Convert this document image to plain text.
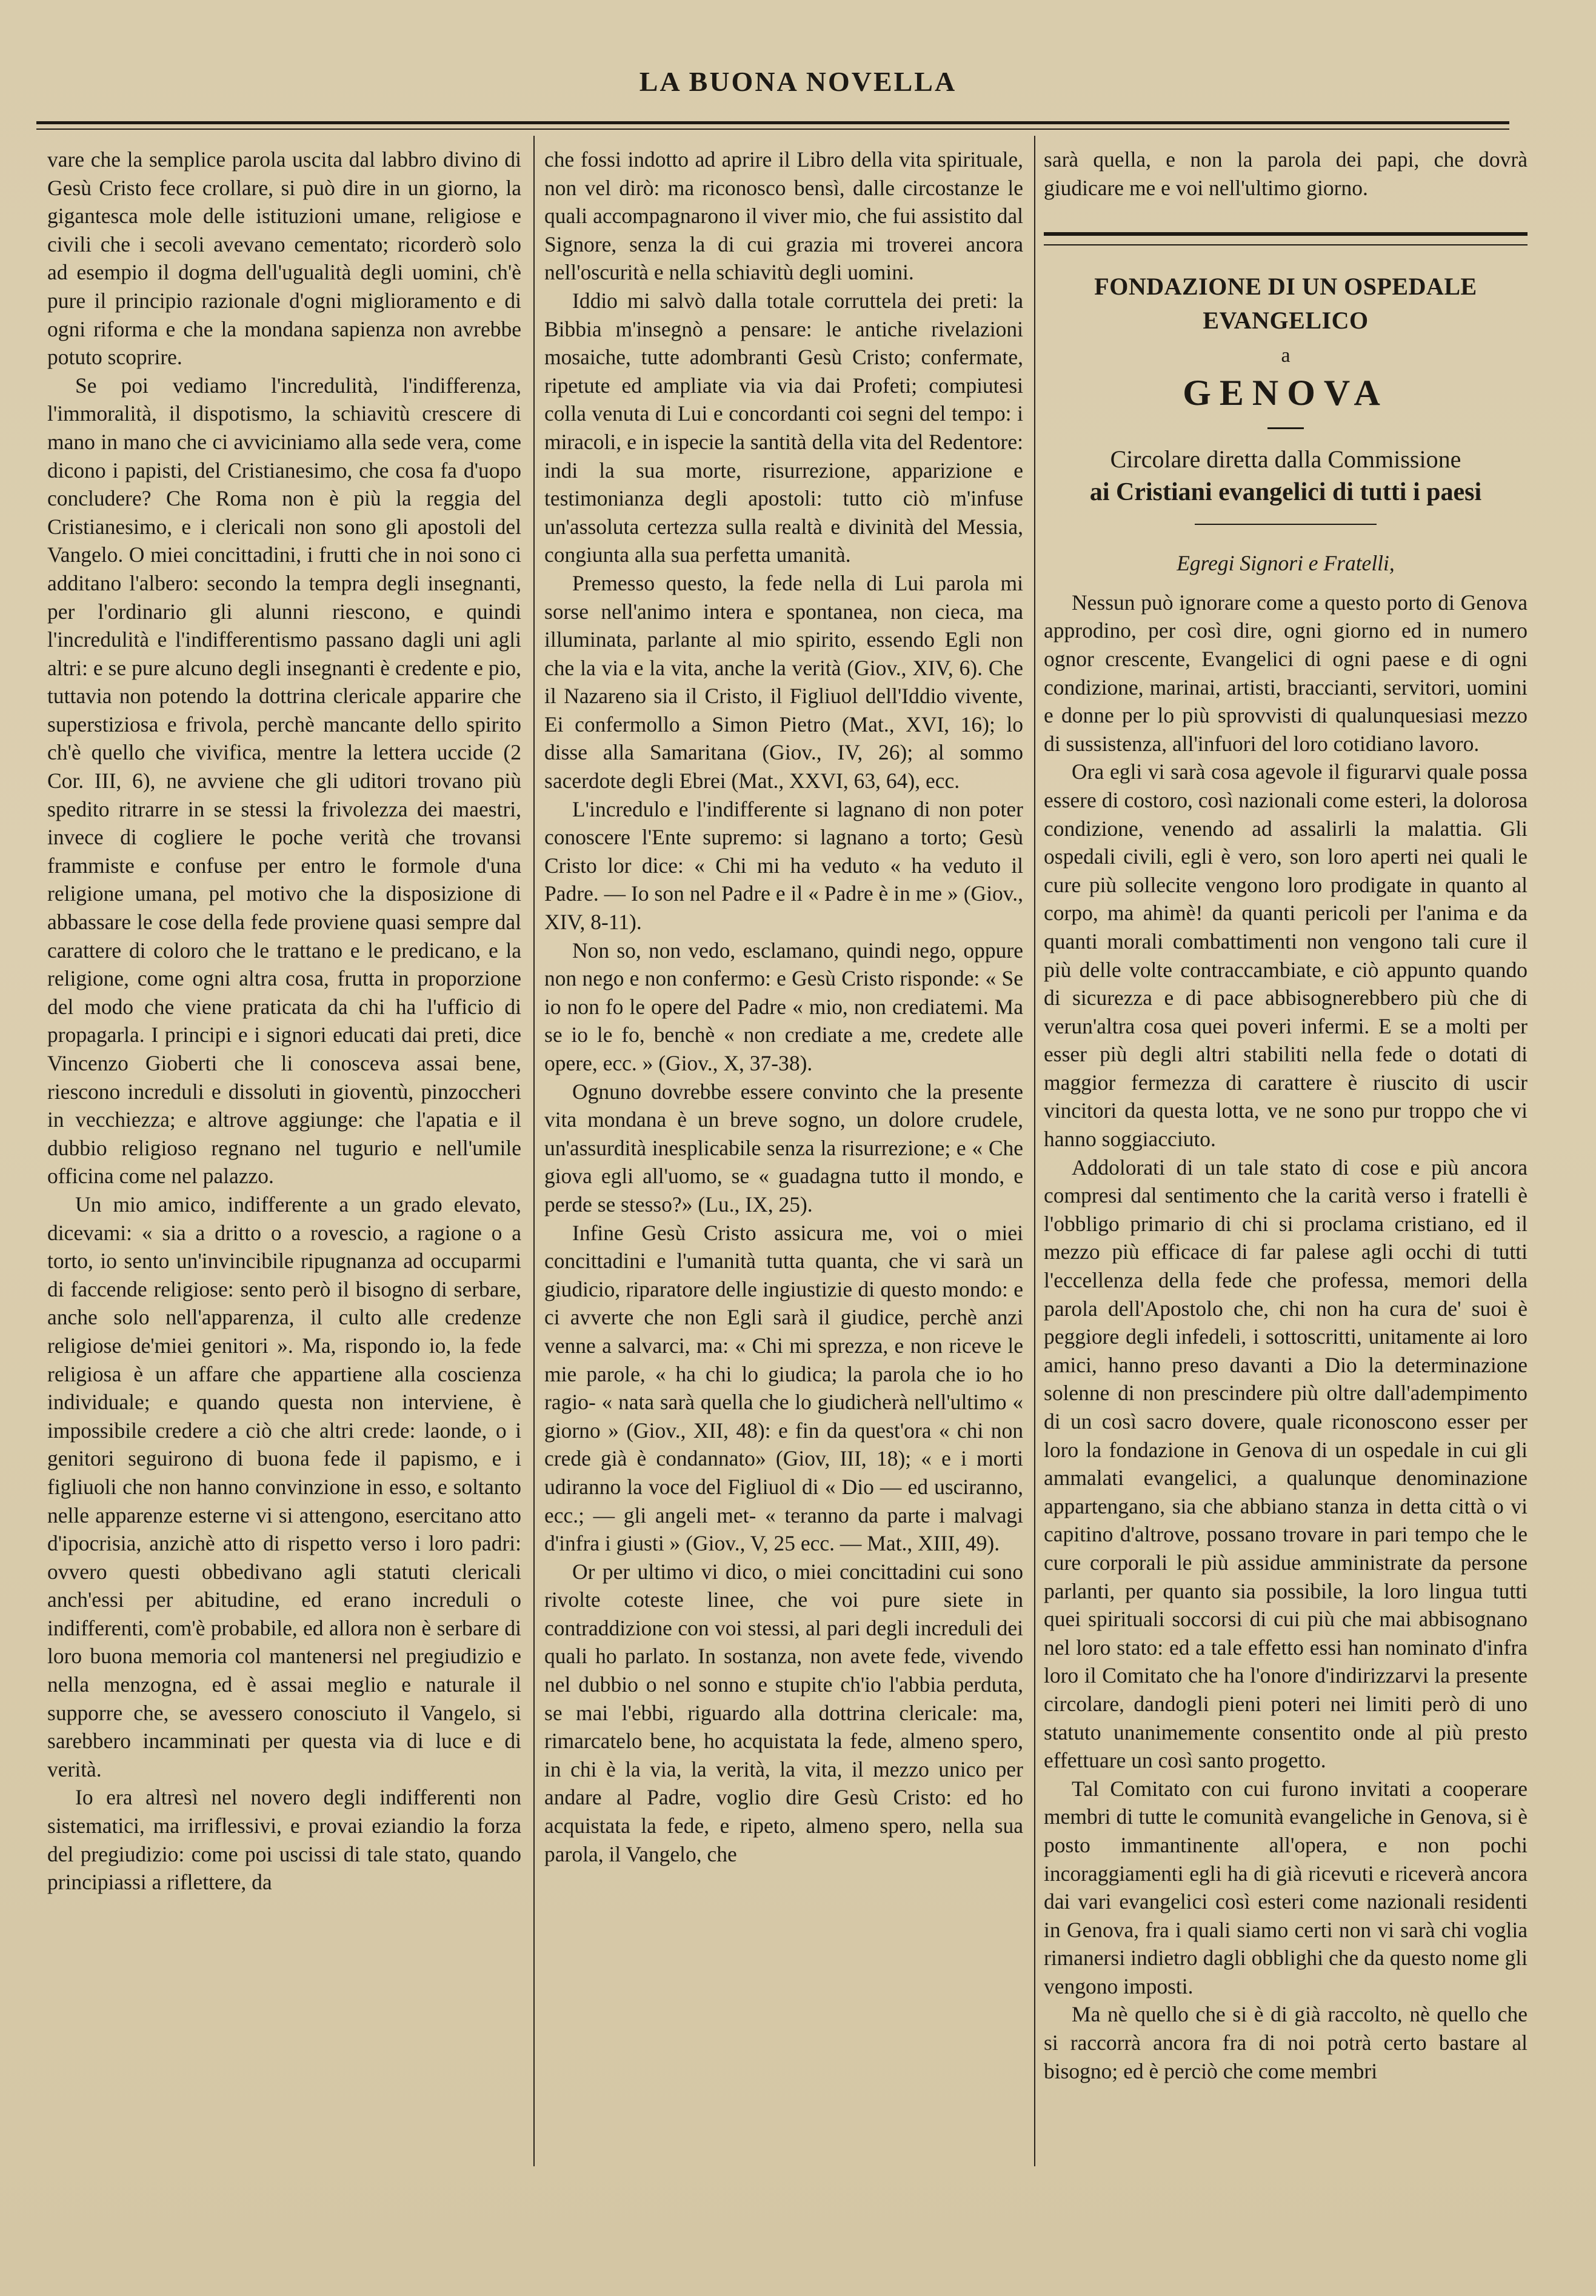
LA BUONA NOVELLA

vare che la semplice parola uscita dal labbro divino di Gesù Cristo fece crollare, si può dire in un giorno, la gigantesca mole delle istituzioni umane, religiose e civili che i secoli avevano cementato; ricorderò solo ad esempio il dogma dell'ugualità degli uomini, ch'è pure il principio razionale d'ogni miglioramento e di ogni riforma e che la mondana sapienza non avrebbe potuto scoprire.

Se poi vediamo l'incredulità, l'indifferenza, l'immoralità, il dispotismo, la schiavitù crescere di mano in mano che ci avviciniamo alla sede vera, come dicono i papisti, del Cristianesimo, che cosa fa d'uopo concludere? Che Roma non è più la reggia del Cristianesimo, e i clericali non sono gli apostoli del Vangelo. O miei concittadini, i frutti che in noi sono ci additano l'albero: secondo la tempra degli insegnanti, per l'ordinario gli alunni riescono, e quindi l'incredulità e l'indifferentismo passano dagli uni agli altri: e se pure alcuno degli insegnanti è credente e pio, tuttavia non potendo la dottrina clericale apparire che superstiziosa e frivola, perchè mancante dello spirito ch'è quello che vivifica, mentre la lettera uccide (2 Cor. III, 6), ne avviene che gli uditori trovano più spedito ritrarre in se stessi la frivolezza dei maestri, invece di cogliere le poche verità che trovansi frammiste e confuse per entro le formole d'una religione umana, pel motivo che la disposizione di abbassare le cose della fede proviene quasi sempre dal carattere di coloro che le trattano e le predicano, e la religione, come ogni altra cosa, frutta in proporzione del modo che viene praticata da chi ha l'ufficio di propagarla. I principi e i signori educati dai preti, dice Vincenzo Gioberti che li conosceva assai bene, riescono increduli e dissoluti in gioventù, pinzoccheri in vecchiezza; e altrove aggiunge: che l'apatia e il dubbio religioso regnano nel tugurio e nell'umile officina come nel palazzo.

Un mio amico, indifferente a un grado elevato, dicevami: « sia a dritto o a rovescio, a ragione o a torto, io sento un'invincibile ripugnanza ad occuparmi di faccende religiose: sento però il bisogno di serbare, anche solo nell'apparenza, il culto alle credenze religiose de'miei genitori ». Ma, rispondo io, la fede religiosa è un affare che appartiene alla coscienza individuale; e quando questa non interviene, è impossibile credere a ciò che altri crede: laonde, o i genitori seguirono di buona fede il papismo, e i figliuoli che non hanno convinzione in esso, e soltanto nelle apparenze esterne vi si attengono, esercitano atto d'ipocrisia, anzichè atto di rispetto verso i loro padri: ovvero questi obbedivano agli statuti clericali anch'essi per abitudine, ed erano increduli o indifferenti, com'è probabile, ed allora non è serbare di loro buona memoria col mantenersi nel pregiudizio e nella menzogna, ed è assai meglio e naturale il supporre che, se avessero conosciuto il Vangelo, si sarebbero incamminati per questa via di luce e di verità.

Io era altresì nel novero degli indifferenti non sistematici, ma irriflessivi, e provai eziandio la forza del pregiudizio: come poi uscissi di tale stato, quando principiassi a riflettere, da

che fossi indotto ad aprire il Libro della vita spirituale, non vel dirò: ma riconosco bensì, dalle circostanze le quali accompagnarono il viver mio, che fui assistito dal Signore, senza la di cui grazia mi troverei ancora nell'oscurità e nella schiavitù degli uomini.

Iddio mi salvò dalla totale corruttela dei preti: la Bibbia m'insegnò a pensare: le antiche rivelazioni mosaiche, tutte adombranti Gesù Cristo; confermate, ripetute ed ampliate via via dai Profeti; compiutesi colla venuta di Lui e concordanti coi segni del tempo: i miracoli, e in ispecie la santità della vita del Redentore: indi la sua morte, risurrezione, apparizione e testimonianza degli apostoli: tutto ciò m'infuse un'assoluta certezza sulla realtà e divinità del Messia, congiunta alla sua perfetta umanità.

Premesso questo, la fede nella di Lui parola mi sorse nell'animo intera e spontanea, non cieca, ma illuminata, parlante al mio spirito, essendo Egli non che la via e la vita, anche la verità (Giov., XIV, 6). Che il Nazareno sia il Cristo, il Figliuol dell'Iddio vivente, Ei confermollo a Simon Pietro (Mat., XVI, 16); lo disse alla Samaritana (Giov., IV, 26); al sommo sacerdote degli Ebrei (Mat., XXVI, 63, 64), ecc.

L'incredulo e l'indifferente si lagnano di non poter conoscere l'Ente supremo: si lagnano a torto; Gesù Cristo lor dice: « Chi mi ha veduto « ha veduto il Padre. — Io son nel Padre e il « Padre è in me » (Giov., XIV, 8-11).

Non so, non vedo, esclamano, quindi nego, oppure non nego e non confermo: e Gesù Cristo risponde: « Se io non fo le opere del Padre « mio, non crediatemi. Ma se io le fo, benchè « non crediate a me, credete alle opere, ecc. » (Giov., X, 37-38).

Ognuno dovrebbe essere convinto che la presente vita mondana è un breve sogno, un dolore crudele, un'assurdità inesplicabile senza la risurrezione; e « Che giova egli all'uomo, se « guadagna tutto il mondo, e perde se stesso?» (Lu., IX, 25).

Infine Gesù Cristo assicura me, voi o miei concittadini e l'umanità tutta quanta, che vi sarà un giudicio, riparatore delle ingiustizie di questo mondo: e ci avverte che non Egli sarà il giudice, perchè anzi venne a salvarci, ma: « Chi mi sprezza, e non riceve le mie parole, « ha chi lo giudica; la parola che io ho ragio- « nata sarà quella che lo giudicherà nell'ultimo « giorno » (Giov., XII, 48): e fin da quest'ora « chi non crede già è condannato» (Giov, III, 18); « e i morti udiranno la voce del Figliuol di « Dio — ed usciranno, ecc.; — gli angeli met- « teranno da parte i malvagi d'infra i giusti » (Giov., V, 25 ecc. — Mat., XIII, 49).

Or per ultimo vi dico, o miei concittadini cui sono rivolte coteste linee, che voi pure siete in contraddizione con voi stessi, al pari degli increduli dei quali ho parlato. In sostanza, non avete fede, vivendo nel dubbio o nel sonno e stupite ch'io l'abbia perduta, se mai l'ebbi, riguardo alla dottrina clericale: ma, rimarcatelo bene, ho acquistata la fede, almeno spero, in chi è la via, la verità, la vita, il mezzo unico per andare al Padre, voglio dire Gesù Cristo: ed ho acquistata la fede, e ripeto, almeno spero, nella sua parola, il Vangelo, che

sarà quella, e non la parola dei papi, che dovrà giudicare me e voi nell'ultimo giorno.

FONDAZIONE DI UN OSPEDALE EVANGELICO
a
GENOVA
Circolare diretta dalla Commissione
ai Cristiani evangelici di tutti i paesi
Egregi Signori e Fratelli,

Nessun può ignorare come a questo porto di Genova approdino, per così dire, ogni giorno ed in numero ognor crescente, Evangelici di ogni paese e di ogni condizione, marinai, artisti, braccianti, servitori, uomini e donne per lo più sprovvisti di qualunquesiasi mezzo di sussistenza, all'infuori del loro cotidiano lavoro.

Ora egli vi sarà cosa agevole il figurarvi quale possa essere di costoro, così nazionali come esteri, la dolorosa condizione, venendo ad assalirli la malattia. Gli ospedali civili, egli è vero, son loro aperti nei quali le cure più sollecite vengono loro prodigate in quanto al corpo, ma ahimè! da quanti pericoli per l'anima e da quanti morali combattimenti non vengono tali cure il più delle volte contraccambiate, e ciò appunto quando di sicurezza e di pace abbisognerebbero più che di verun'altra cosa quei poveri infermi. E se a molti per esser più degli altri stabiliti nella fede o dotati di maggior fermezza di carattere è riuscito di uscir vincitori da questa lotta, ve ne sono pur troppo che vi hanno soggiacciuto.

Addolorati di un tale stato di cose e più ancora compresi dal sentimento che la carità verso i fratelli è l'obbligo primario di chi si proclama cristiano, ed il mezzo più efficace di far palese agli occhi di tutti l'eccellenza della fede che professa, memori della parola dell'Apostolo che, chi non ha cura de' suoi è peggiore degli infedeli, i sottoscritti, unitamente ai loro amici, hanno preso davanti a Dio la determinazione solenne di non prescindere più oltre dall'adempimento di un così sacro dovere, quale riconoscono esser per loro la fondazione in Genova di un ospedale in cui gli ammalati evangelici, a qualunque denominazione appartengano, sia che abbiano stanza in detta città o vi capitino d'altrove, possano trovare in pari tempo che le cure corporali le più assidue amministrate da persone parlanti, per quanto sia possibile, la loro lingua tutti quei spirituali soccorsi di cui più che mai abbisognano nel loro stato: ed a tale effetto essi han nominato d'infra loro il Comitato che ha l'onore d'indirizzarvi la presente circolare, dandogli pieni poteri nei limiti però di uno statuto unanimemente consentito onde al più presto effettuare un così santo progetto.

Tal Comitato con cui furono invitati a cooperare membri di tutte le comunità evangeliche in Genova, si è posto immantinente all'opera, e non pochi incoraggiamenti egli ha di già ricevuti e riceverà ancora dai vari evangelici così esteri come nazionali residenti in Genova, fra i quali siamo certi non vi sarà chi voglia rimanersi indietro dagli obblighi che da questo nome gli vengono imposti.

Ma nè quello che si è di già raccolto, nè quello che si raccorrà ancora fra di noi potrà certo bastare al bisogno; ed è perciò che come membri
